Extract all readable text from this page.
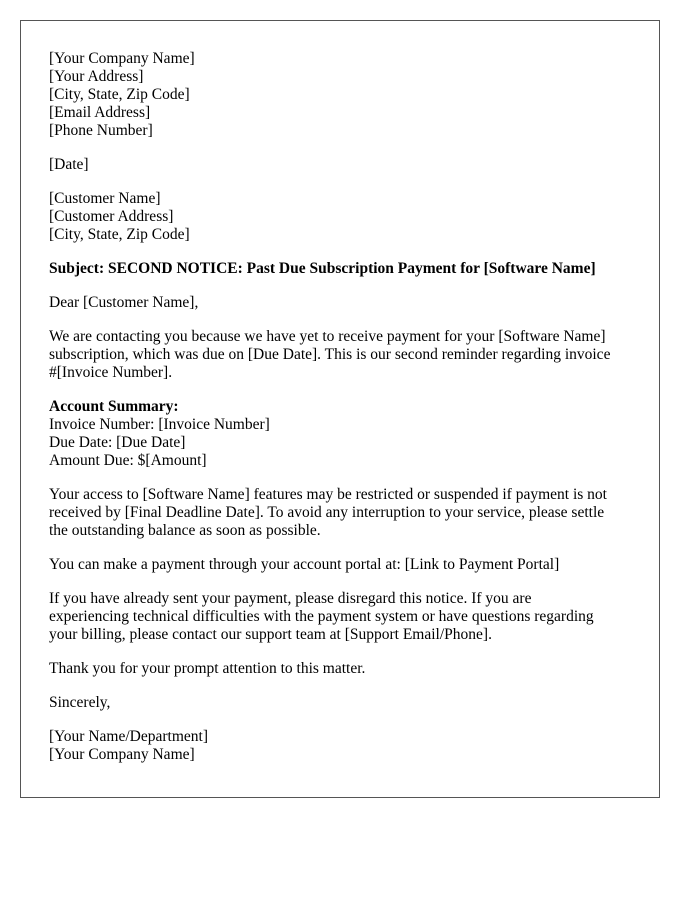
[Your Company Name]
[Your Address]
[City, State, Zip Code]
[Email Address]
[Phone Number]
[Date]
[Customer Name]
[Customer Address]
[City, State, Zip Code]
Subject: SECOND NOTICE: Past Due Subscription Payment for [Software Name]
Dear [Customer Name],
We are contacting you because we have yet to receive payment for your [Software Name]
subscription, which was due on [Due Date]. This is our second reminder regarding invoice
#[Invoice Number].
Account Summary:
Invoice Number: [Invoice Number]
Due Date: [Due Date]
Amount Due: $[Amount]
Your access to [Software Name] features may be restricted or suspended if payment is not
received by [Final Deadline Date]. To avoid any interruption to your service, please settle
the outstanding balance as soon as possible.
You can make a payment through your account portal at: [Link to Payment Portal]
If you have already sent your payment, please disregard this notice. If you are
experiencing technical difficulties with the payment system or have questions regarding
your billing, please contact our support team at [Support Email/Phone].
Thank you for your prompt attention to this matter.
Sincerely,
[Your Name/Department]
[Your Company Name]
